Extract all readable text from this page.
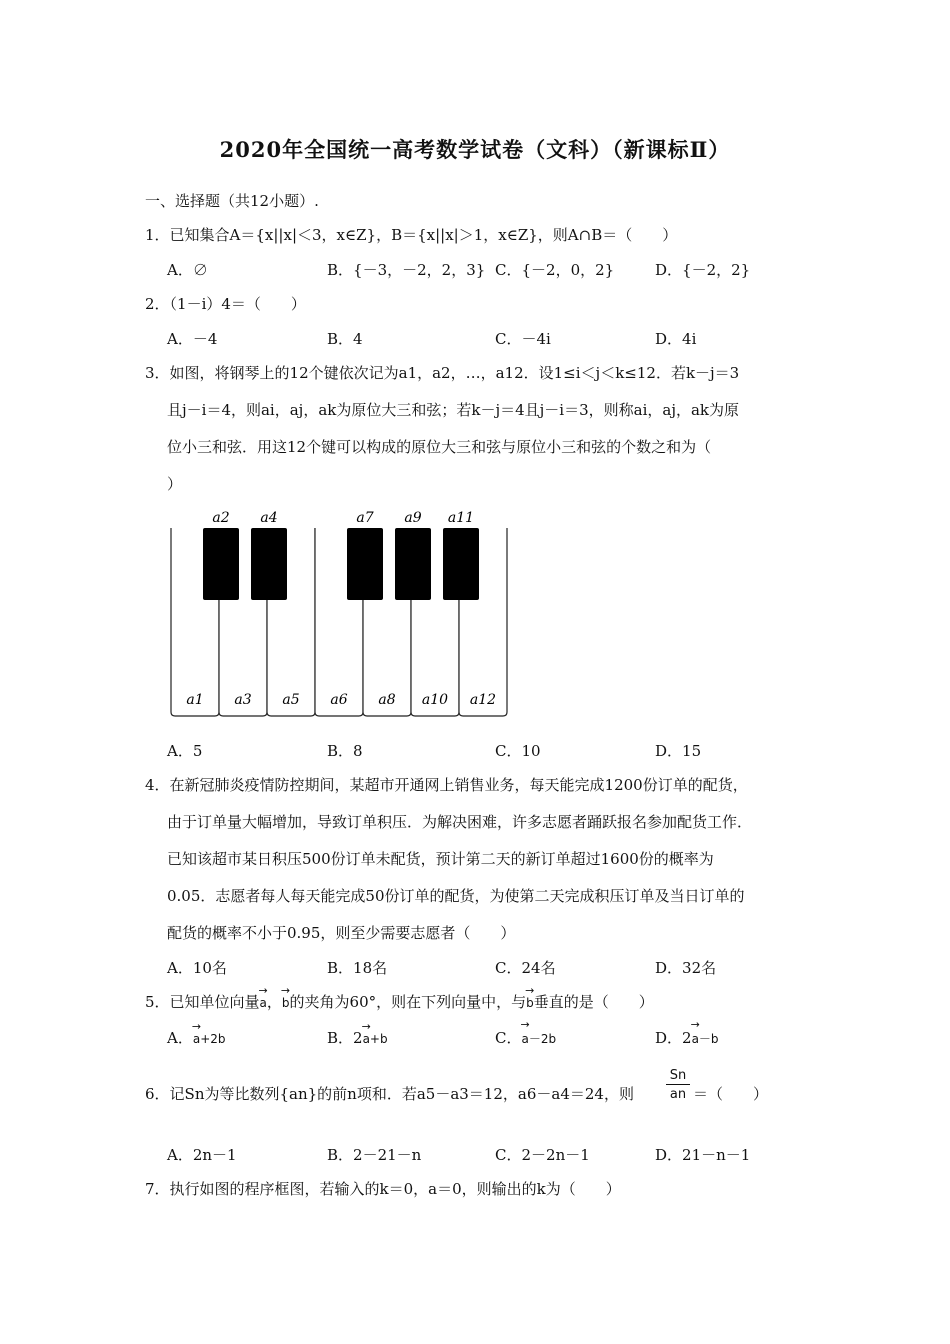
2020年全国统一高考数学试卷（文科）（新课标Ⅱ）
一、选择题（共12小题）.
1．已知集合A＝{x||x|＜3，x∈Z}，B＝{x||x|＞1，x∈Z}，则A∩B＝（　　）
A．∅	B．{－3，－2，2，3} C．{－2，0，2}	D．{－2，2}
2．（1－i）4＝（　　）
A．－4	B．4	C．－4i	D．4i
3．如图，将钢琴上的12个键依次记为a1，a2，…，a12．设1≤i＜j＜k≤12．若k－j＝3
且j－i＝4，则ai，aj，ak为原位大三和弦；若k－j＝4且j－i＝3，则称ai，aj，ak为原
位小三和弦．用这12个键可以构成的原位大三和弦与原位小三和弦的个数之和为（
）
a1 a3 a5 a6 a8 a10 a12
a2 a4	a7 a9 a11
A．5	B．8	C．10	D．15
4．在新冠肺炎疫情防控期间，某超市开通网上销售业务，每天能完成1200份订单的配货，
由于订单量大幅增加，导致订单积压．为解决困难，许多志愿者踊跃报名参加配货工作．
已知该超市某日积压500份订单未配货，预计第二天的新订单超过1600份的概率为
0.05．志愿者每人每天能完成50份订单的配货，为使第二天完成积压订单及当日订单的
配货的概率不小于0.95，则至少需要志愿者（　　）
A．10名	B．18名	C．24名	D．32名
5．已知单位向量→ a，→ b的夹角为60°，则在下列向量中，与→ b垂直的是（　　）
A．→ a+2b	B．2→ a+b	C．→ a－2b	D．2→ a－b
6．记Sn为等比数列{an}的前n项和．若a5－a3＝12，a6－a4＝24，则 $\frac{Sn}{an}$ ＝（　　）
A．2n－1	B．2－21－n	C．2－2n－1	D．21－n－1
7．执行如图的程序框图，若输入的k＝0，a＝0，则输出的k为（　　）
